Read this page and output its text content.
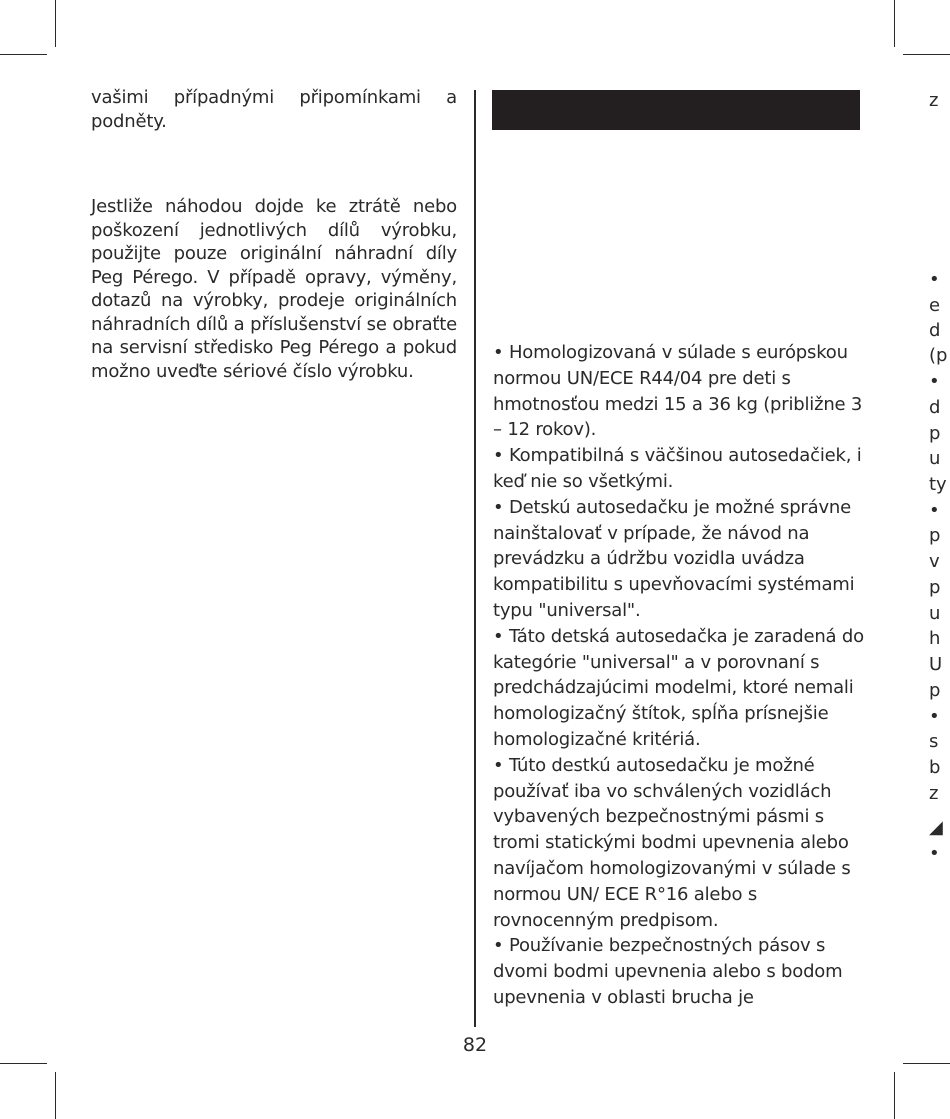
vašimi případnými připomínkami a podněty.

Jestliže náhodou dojde ke ztrátě nebo poškození jednotlivých dílů výrobku, použijte pouze originální náhradní díly Peg Pérego. V případě opravy, výměny, dotazů na výrobky, prodeje originálních náhradních dílů a příslušenství se obraťte na servisní středisko Peg Pérego a pokud možno uveďte sériové číslo výrobku.

• Homologizovaná v súlade s európskou normou UN/ECE R44/04 pre deti s hmotnosťou medzi 15 a 36 kg (približne 3 – 12 rokov).

• Kompatibilná s väčšinou autosedačiek, i keď nie so všetkými.

• Detskú autosedačku je možné správne nainštalovať v prípade, že návod na prevádzku a údržbu vozidla uvádza kompatibilitu s upevňovacími systémami typu "universal".

• Táto detská autosedačka je zaradená do kategórie "universal" a v porovnaní s predchádzajúcimi modelmi, ktoré nemali homologizačný štítok, spĺňa prísnejšie homologizačné kritériá.

• Túto destkú autosedačku je možné používať iba vo schválených vozidlách vybavených bezpečnostnými pásmi s tromi statickými bodmi upevnenia alebo navíjačom homologizovanými v súlade s normou UN/ ECE R°16 alebo s rovnocenným predpisom.

• Používanie bezpečnostných pásov s dvomi bodmi upevnenia alebo s bodom upevnenia v oblasti brucha je

82
z
•
e
d
(p
•
d
p
u
ty
•
p
v
p
u
h
U
p
•
s
b
z
◢
•
